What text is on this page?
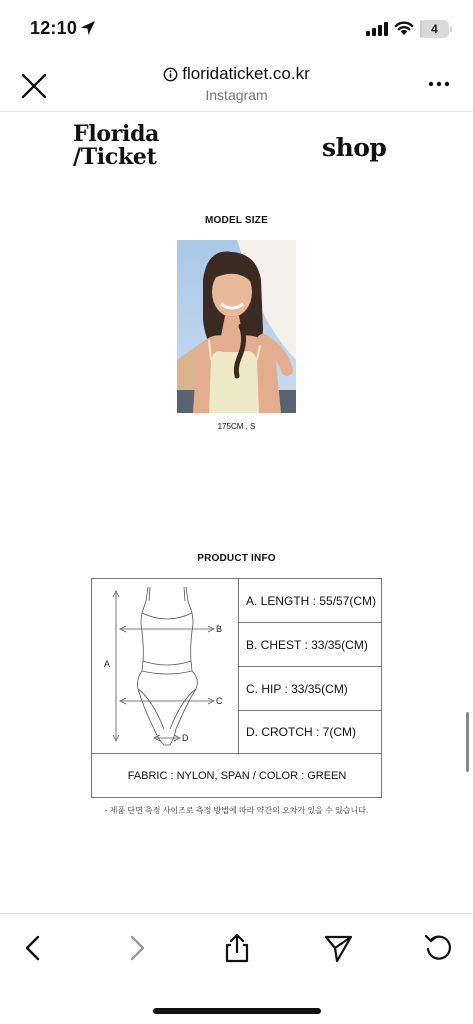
12:10	4
floridaticket.co.kr
Instagram
Florida
/Ticket	shop
MODEL SIZE
175CM , S
PRODUCT INFO
A
B
C
D
A. LENGTH : 55/57(CM)
B. CHEST : 33/35(CM)
C. HIP : 33/35(CM)
D. CROTCH : 7(CM)
FABRIC : NYLON, SPAN / COLOR : GREEN
- 제품 단면 측정 사이즈로 측정 방법에 따라 약간의 오차가 있을 수 있습니다.
